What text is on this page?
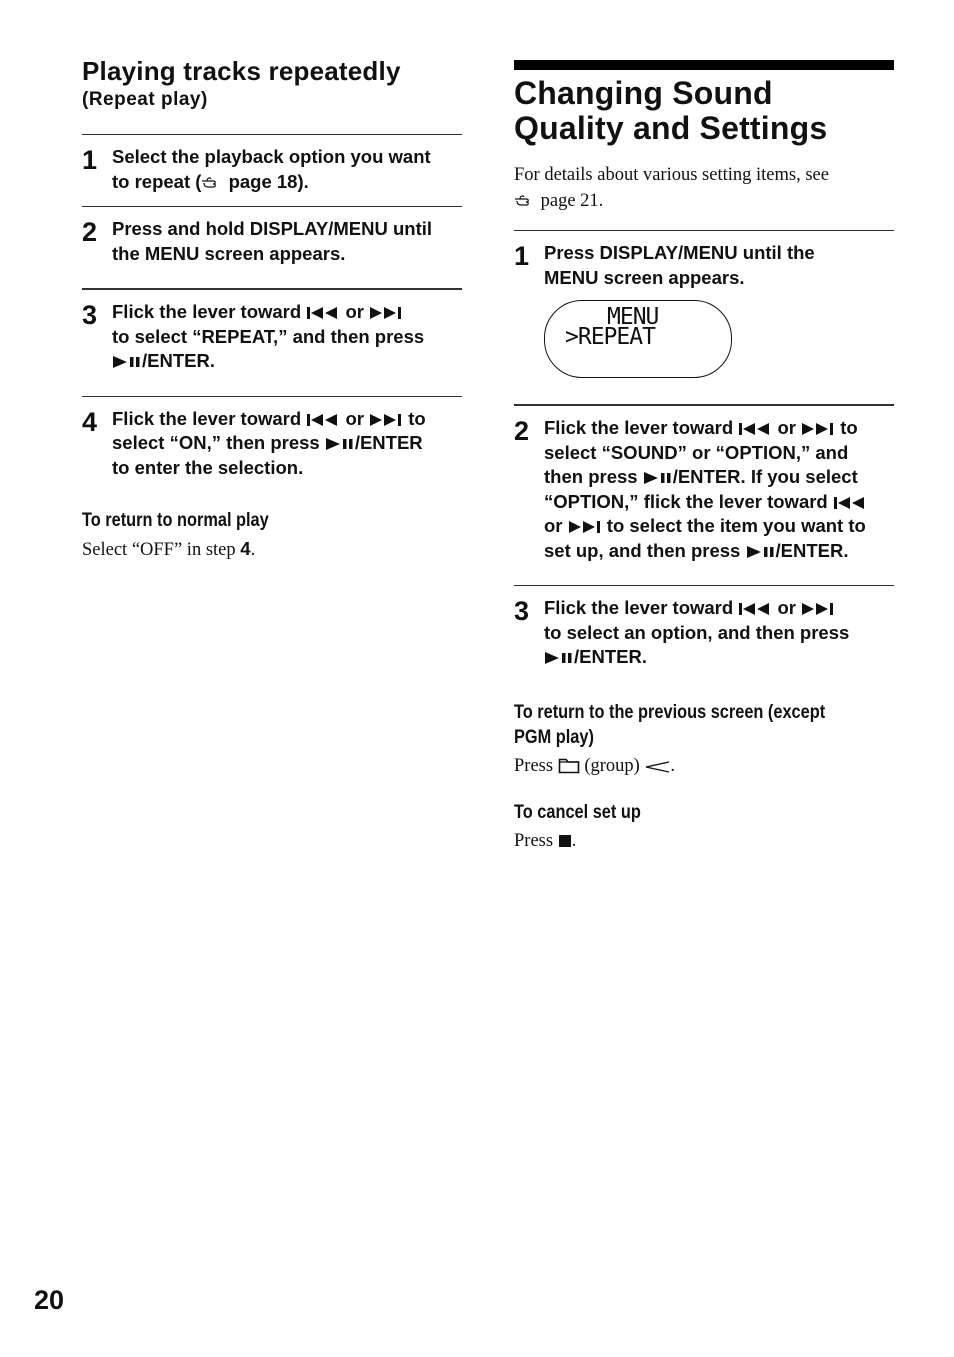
Playing tracks repeatedly
(Repeat play)
1 Select the playback option you want
to repeat ( page 18).
2 Press and hold DISPLAY/MENU until
the MENU screen appears.
3 Flick the lever toward  or
to select “REPEAT,” and then press
/ENTER.
4 Flick the lever toward  or  to
select “ON,” then press /ENTER
to enter the selection.
To return to normal play
Select “OFF” in step 4.
Changing Sound
Quality and Settings
For details about various setting items, see
page 21.
1 Press DISPLAY/MENU until the
MENU screen appears.
MENU
>REPEAT
2 Flick the lever toward  or  to
select “SOUND” or “OPTION,” and
then press /ENTER. If you select
“OPTION,” flick the lever toward
or  to select the item you want to
set up, and then press /ENTER.
3 Flick the lever toward  or
to select an option, and then press
/ENTER.
To return to the previous screen (except
PGM play)
Press  (group) .
To cancel set up
Press .
20
